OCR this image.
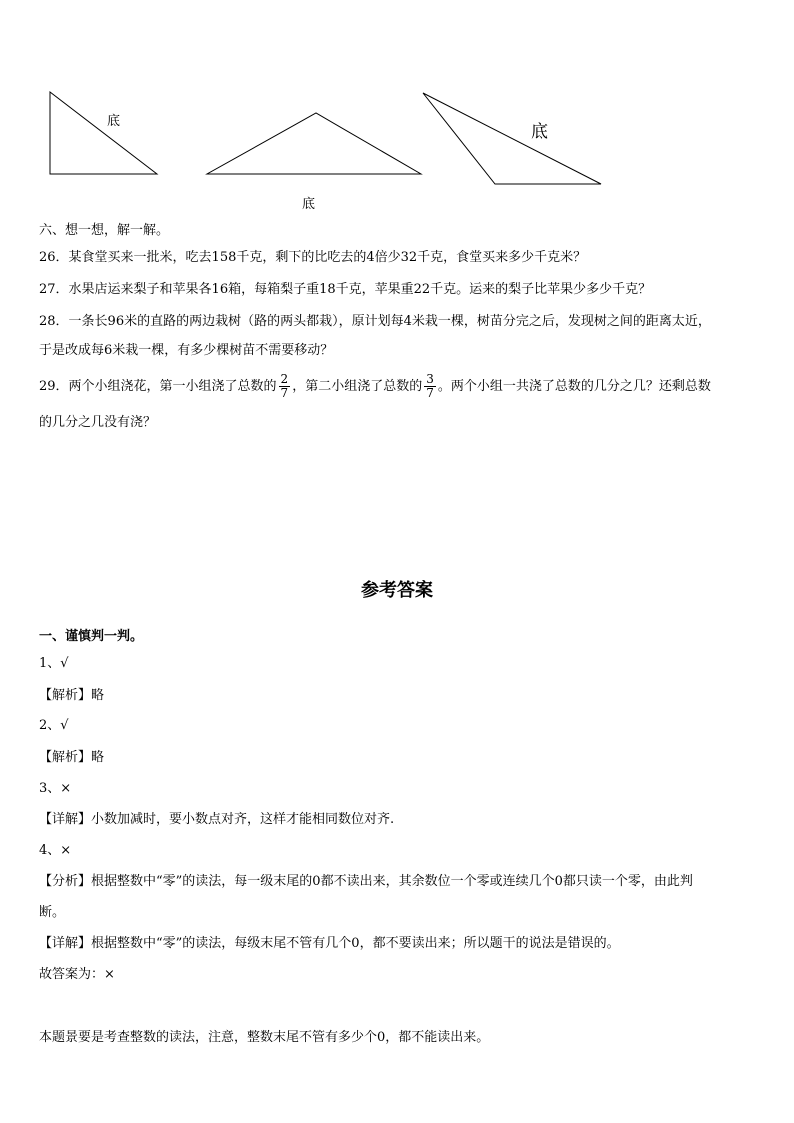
底
底
底
六、想一想，解一解。
26．某食堂买来一批米，吃去158千克，剩下的比吃去的4倍少32千克，食堂买来多少千克米？
27．水果店运来梨子和苹果各16箱，每箱梨子重18千克，苹果重22千克。运来的梨子比苹果少多少千克？
28．一条长96米的直路的两边栽树（路的两头都栽），原计划每4米栽一棵，树苗分完之后，发现树之间的距离太近，
于是改成每6米栽一棵，有多少棵树苗不需要移动？
29．两个小组浇花，第一小组浇了总数的 $\frac{2}{7}$ ，第二小组浇了总数的 $\frac{3}{7}$ 。两个小组一共浇了总数的几分之几？还剩总数
的几分之几没有浇？
参考答案
一、谨慎判一判。
1、√
【解析】略
2、√
【解析】略
3、×
【详解】小数加减时，要小数点对齐，这样才能相同数位对齐.
4、×
【分析】根据整数中“零”的读法，每一级末尾的0都不读出来，其余数位一个零或连续几个0都只读一个零，由此判
断。
【详解】根据整数中“零”的读法，每级末尾不管有几个0，都不要读出来；所以题干的说法是错误的。
故答案为：×
本题景要是考查整数的读法，注意，整数末尾不管有多少个0，都不能读出来。
